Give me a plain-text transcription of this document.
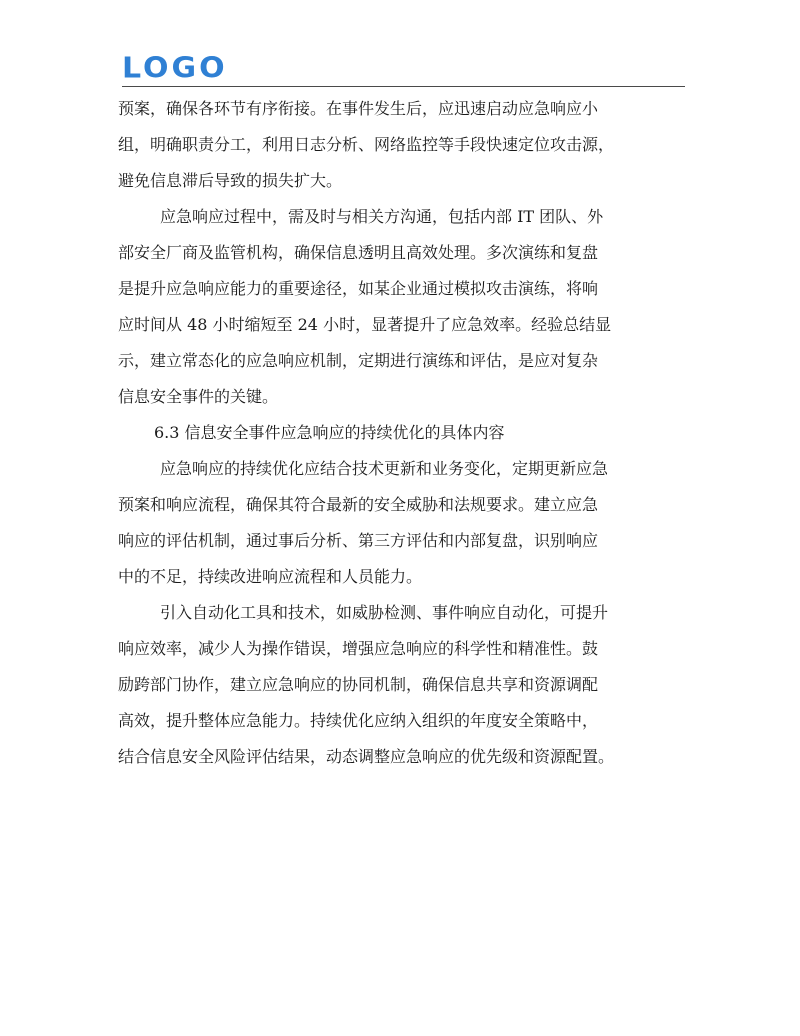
LOGO
预案，确保各环节有序衔接。在事件发生后，应迅速启动应急响应小
组，明确职责分工，利用日志分析、网络监控等手段快速定位攻击源，
避免信息滞后导致的损失扩大。
应急响应过程中，需及时与相关方沟通，包括内部 IT 团队、外
部安全厂商及监管机构，确保信息透明且高效处理。多次演练和复盘
是提升应急响应能力的重要途径，如某企业通过模拟攻击演练，将响
应时间从 48 小时缩短至 24 小时，显著提升了应急效率。经验总结显
示，建立常态化的应急响应机制，定期进行演练和评估，是应对复杂
信息安全事件的关键。
6.3 信息安全事件应急响应的持续优化的具体内容
应急响应的持续优化应结合技术更新和业务变化，定期更新应急
预案和响应流程，确保其符合最新的安全威胁和法规要求。建立应急
响应的评估机制，通过事后分析、第三方评估和内部复盘，识别响应
中的不足，持续改进响应流程和人员能力。
引入自动化工具和技术，如威胁检测、事件响应自动化，可提升
响应效率，减少人为操作错误，增强应急响应的科学性和精准性。鼓
励跨部门协作，建立应急响应的协同机制，确保信息共享和资源调配
高效，提升整体应急能力。持续优化应纳入组织的年度安全策略中，
结合信息安全风险评估结果，动态调整应急响应的优先级和资源配置。
